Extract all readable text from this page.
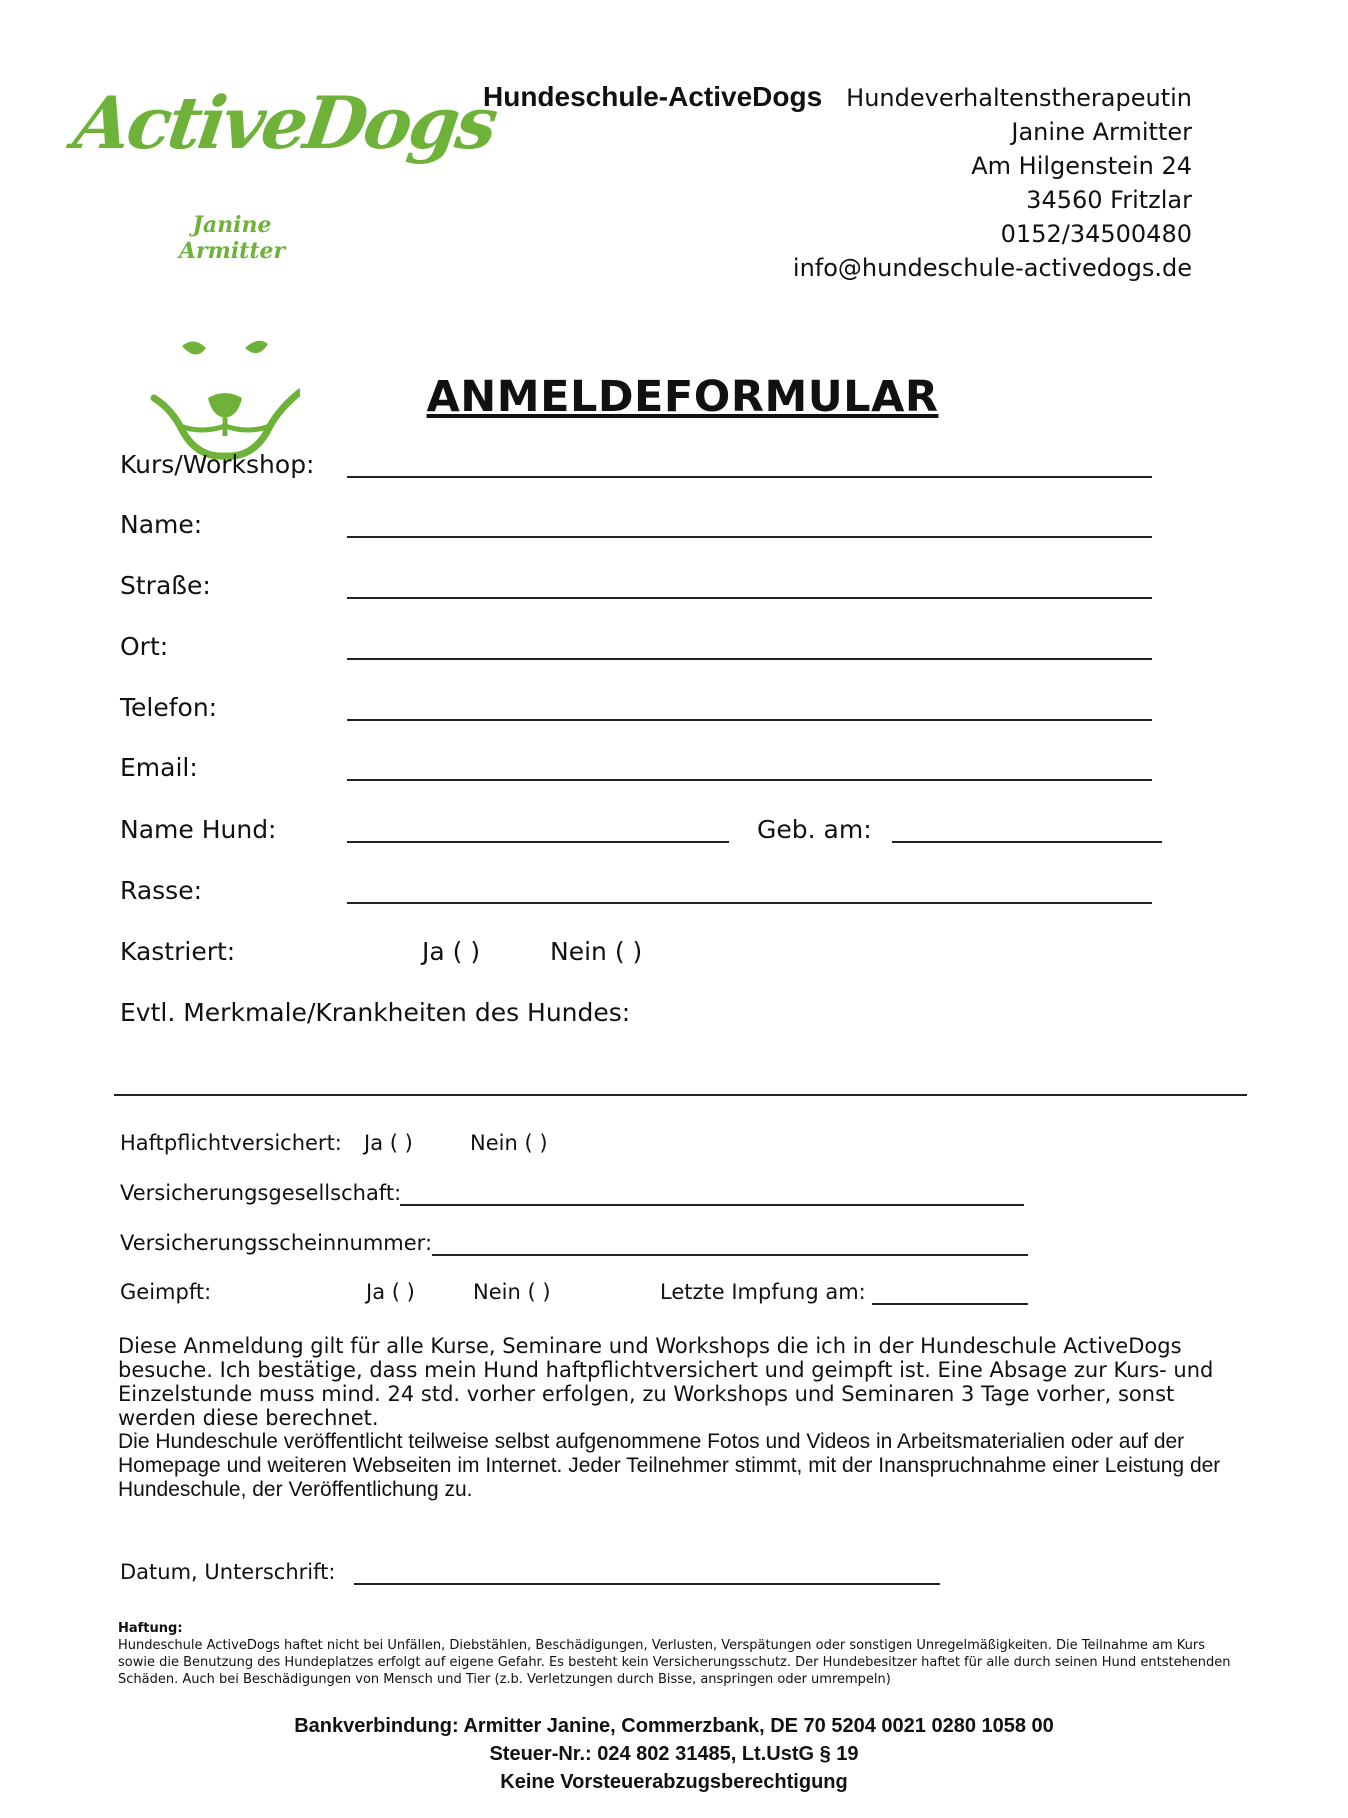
ActiveDogs
Janine Armitter
Hundeschule-ActiveDogs Hundeverhaltenstherapeutin
Janine Armitter
Am Hilgenstein 24
34560 Fritzlar
0152/34500480
info@hundeschule-activedogs.de
ANMELDEFORMULAR
Kurs/Workshop:
Name:
Straße:
Ort:
Telefon:
Email:
Name Hund:	Geb. am:
Rasse:
Kastriert:	Ja ( )	Nein ( )
Evtl. Merkmale/Krankheiten des Hundes:
Haftpflichtversichert: Ja ( )	Nein ( )
Versicherungsgesellschaft:
Versicherungsscheinnummer:
Geimpft:	Ja ( )	Nein ( )	Letzte Impfung am:

Diese Anmeldung gilt für alle Kurse, Seminare und Workshops die ich in der Hundeschule ActiveDogs besuche. Ich bestätige, dass mein Hund haftpflichtversichert und geimpft ist. Eine Absage zur Kurs- und Einzelstunde muss mind. 24 std. vorher erfolgen, zu Workshops und Seminaren 3 Tage vorher, sonst werden diese berechnet.

Die Hundeschule veröffentlicht teilweise selbst aufgenommene Fotos und Videos in Arbeitsmaterialien oder auf der Homepage und weiteren Webseiten im Internet. Jeder Teilnehmer stimmt, mit der Inanspruchnahme einer Leistung der Hundeschule, der Veröffentlichung zu.

Datum, Unterschrift:
Haftung:
Hundeschule ActiveDogs haftet nicht bei Unfällen, Diebstählen, Beschädigungen, Verlusten, Verspätungen oder sonstigen Unregelmäßigkeiten. Die Teilnahme am Kurs sowie die Benutzung des Hundeplatzes erfolgt auf eigene Gefahr. Es besteht kein Versicherungsschutz. Der Hundebesitzer haftet für alle durch seinen Hund entstehenden Schäden. Auch bei Beschädigungen von Mensch und Tier (z.b. Verletzungen durch Bisse, anspringen oder umrempeln)
Bankverbindung: Armitter Janine, Commerzbank, DE 70 5204 0021 0280 1058 00
Steuer-Nr.: 024 802 31485, Lt.UstG § 19
Keine Vorsteuerabzugsberechtigung
